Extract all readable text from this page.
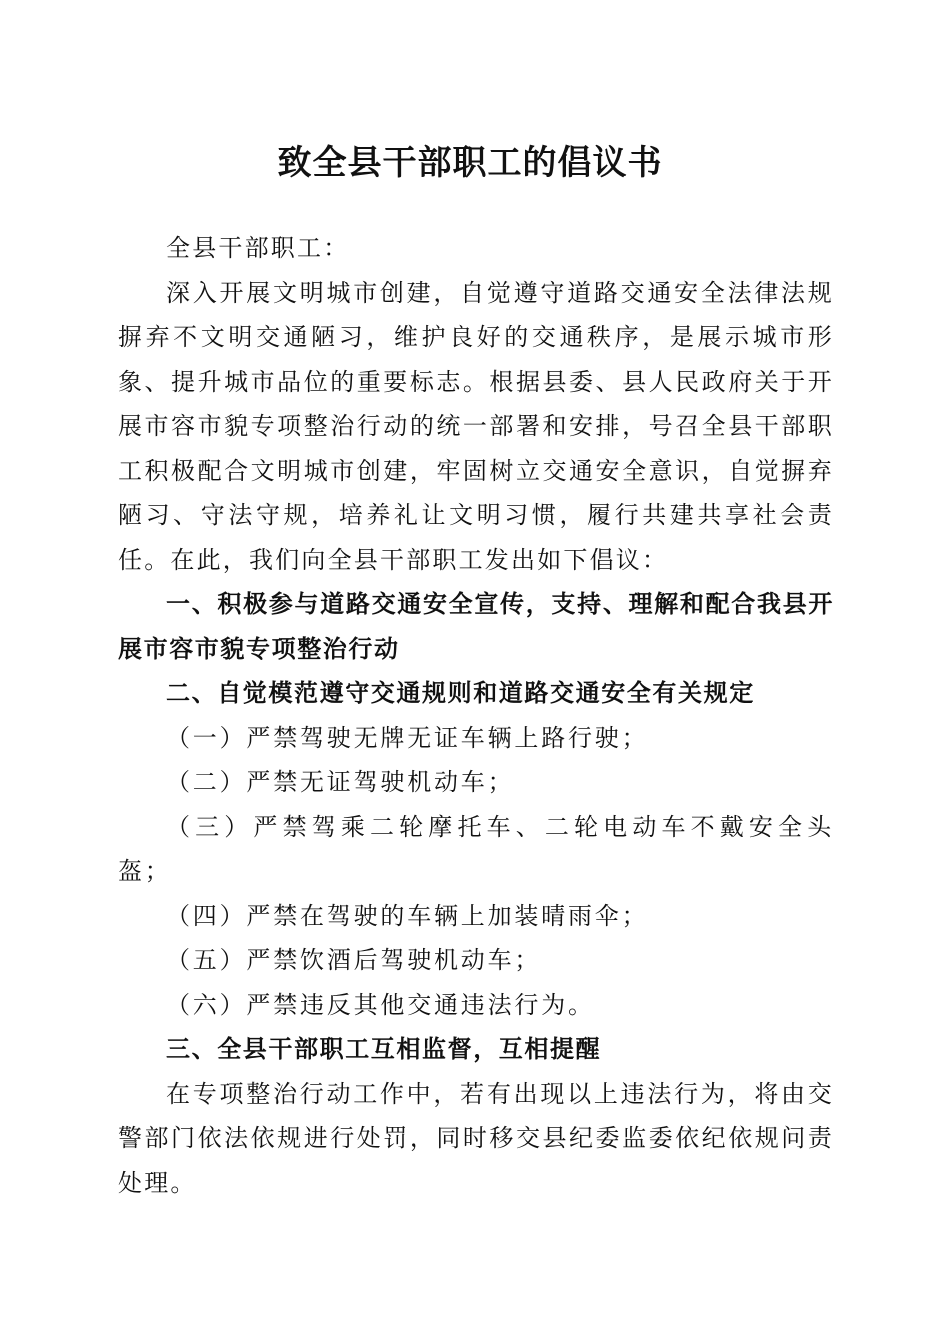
致全县干部职工的倡议书

全县干部职工：

深入开展文明城市创建，自觉遵守道路交通安全法律法规摒弃不文明交通陋习，维护良好的交通秩序，是展示城市形象、提升城市品位的重要标志。根据县委、县人民政府关于开展市容市貌专项整治行动的统一部署和安排，号召全县干部职工积极配合文明城市创建，牢固树立交通安全意识，自觉摒弃陋习、守法守规，培养礼让文明习惯，履行共建共享社会责任。在此，我们向全县干部职工发出如下倡议：

一、积极参与道路交通安全宣传，支持、理解和配合我县开展市容市貌专项整治行动

二、自觉模范遵守交通规则和道路交通安全有关规定

（一）严禁驾驶无牌无证车辆上路行驶；

（二）严禁无证驾驶机动车；

（三）严禁驾乘二轮摩托车、二轮电动车不戴安全头盔；

（四）严禁在驾驶的车辆上加装晴雨伞；

（五）严禁饮酒后驾驶机动车；

（六）严禁违反其他交通违法行为。

三、全县干部职工互相监督，互相提醒

在专项整治行动工作中，若有出现以上违法行为，将由交警部门依法依规进行处罚，同时移交县纪委监委依纪依规问责处理。
